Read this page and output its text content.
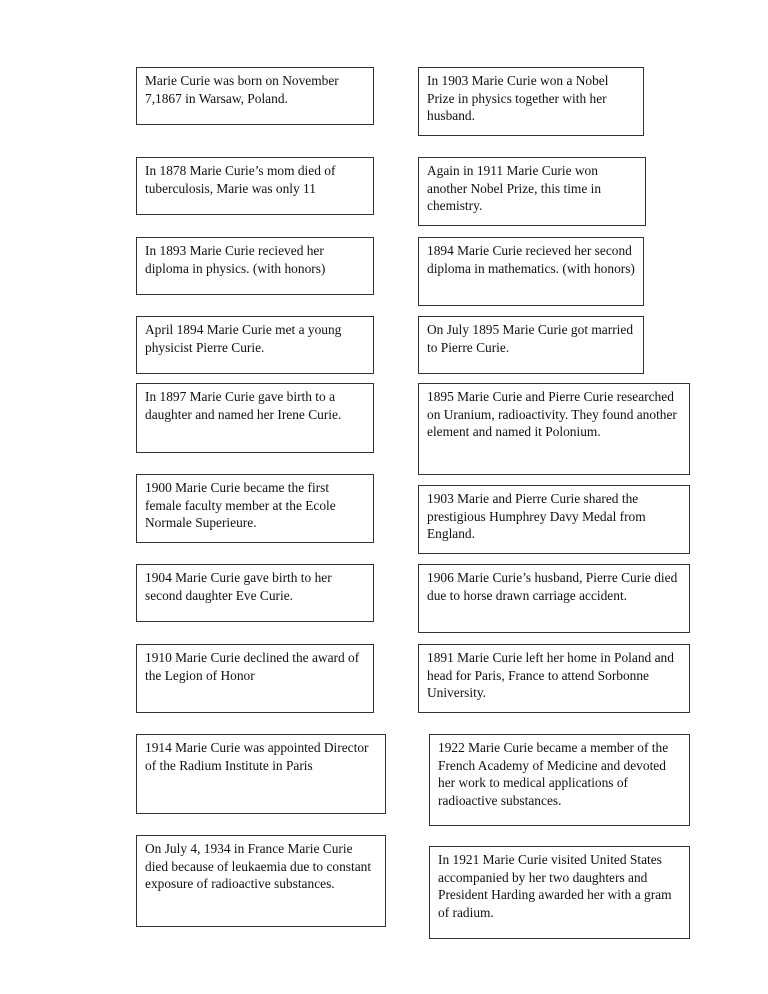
Marie Curie was born on November 7,1867 in Warsaw, Poland.
In 1903 Marie Curie won a Nobel Prize in physics together with her husband.
In 1878 Marie Curie’s mom died of tuberculosis, Marie was only 11
Again in 1911 Marie Curie won another Nobel Prize, this time in chemistry.
In 1893 Marie Curie recieved her diploma in physics. (with honors)
1894 Marie Curie recieved her second diploma in mathematics. (with honors)
April 1894 Marie Curie met a young physicist Pierre Curie.
On July 1895 Marie Curie got married to Pierre Curie.
In 1897 Marie Curie gave birth to a daughter and named her Irene Curie.
1895 Marie Curie and Pierre Curie researched on Uranium, radioactivity. They found another element and named it Polonium.
1900 Marie Curie became the first female faculty member at the Ecole Normale Superieure.
1903 Marie and Pierre Curie shared the prestigious Humphrey Davy Medal from England.
1904 Marie Curie gave birth to her second daughter Eve Curie.
1906 Marie Curie’s husband, Pierre Curie died due to horse drawn carriage accident.
1910 Marie Curie declined the award of the Legion of Honor
1891 Marie Curie left her home in Poland and head for Paris, France to attend Sorbonne University.
1914 Marie Curie was appointed Director of the Radium Institute in Paris
1922 Marie Curie became a member of the French Academy of Medicine and devoted her work to medical applications of radioactive substances.
On July 4, 1934 in France Marie Curie died because of leukaemia due to constant exposure of radioactive substances.
In 1921 Marie Curie visited United States accompanied by her two daughters and President Harding awarded her with a gram of radium.
